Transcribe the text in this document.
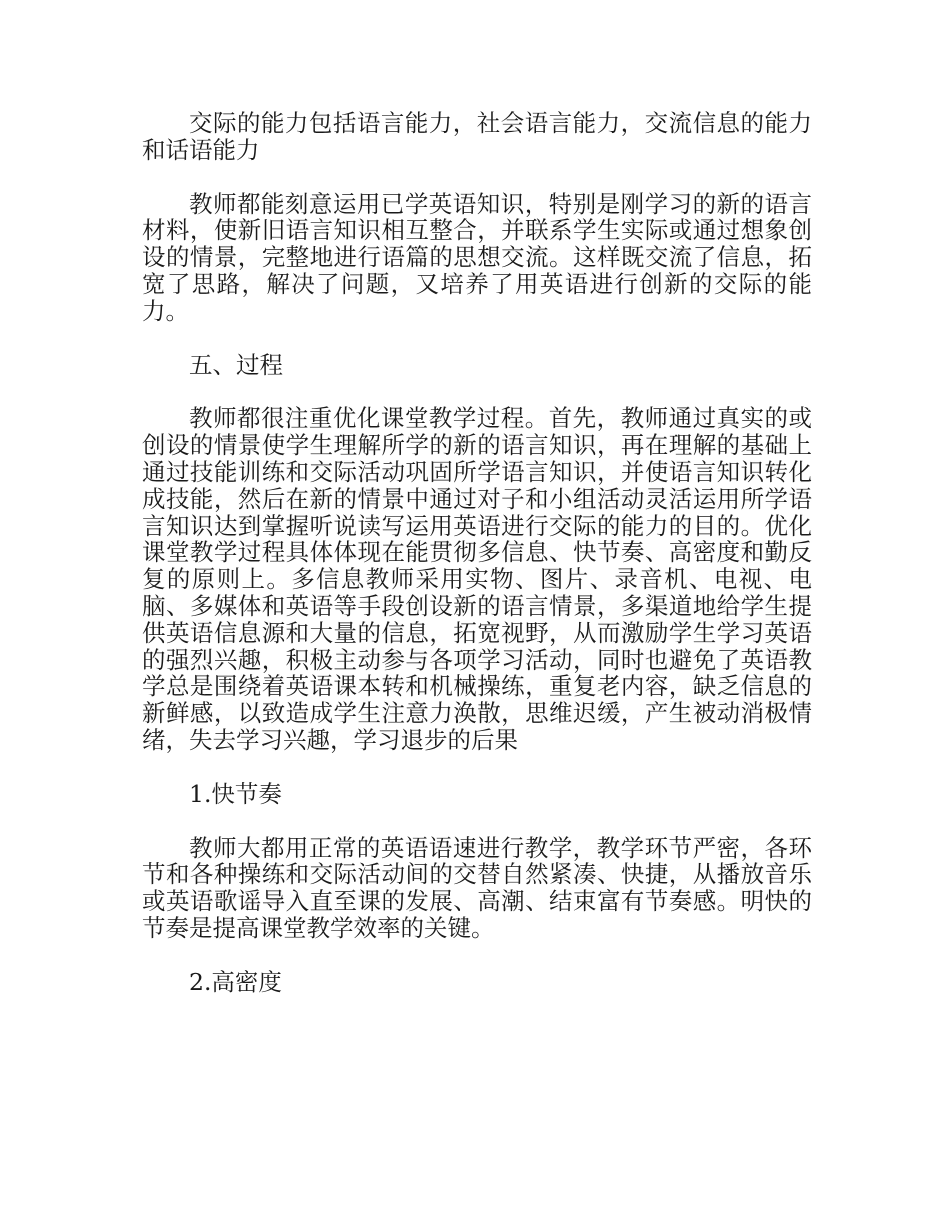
交际的能力包括语言能力，社会语言能力，交流信息的能力和话语能力

教师都能刻意运用已学英语知识，特别是刚学习的新的语言材料，使新旧语言知识相互整合，并联系学生实际或通过想象创设的情景，完整地进行语篇的思想交流。这样既交流了信息，拓宽了思路，解决了问题，又培养了用英语进行创新的交际的能力。

五、过程

教师都很注重优化课堂教学过程。首先，教师通过真实的或创设的情景使学生理解所学的新的语言知识，再在理解的基础上通过技能训练和交际活动巩固所学语言知识，并使语言知识转化成技能，然后在新的情景中通过对子和小组活动灵活运用所学语言知识达到掌握听说读写运用英语进行交际的能力的目的。优化课堂教学过程具体体现在能贯彻多信息、快节奏、高密度和勤反复的原则上。多信息教师采用实物、图片、录音机、电视、电脑、多媒体和英语等手段创设新的语言情景，多渠道地给学生提供英语信息源和大量的信息，拓宽视野，从而激励学生学习英语的强烈兴趣，积极主动参与各项学习活动，同时也避免了英语教学总是围绕着英语课本转和机械操练，重复老内容，缺乏信息的新鲜感，以致造成学生注意力涣散，思维迟缓，产生被动消极情绪，失去学习兴趣，学习退步的后果

1.快节奏

教师大都用正常的英语语速进行教学，教学环节严密，各环节和各种操练和交际活动间的交替自然紧凑、快捷，从播放音乐或英语歌谣导入直至课的发展、高潮、结束富有节奏感。明快的节奏是提高课堂教学效率的关键。

2.高密度
